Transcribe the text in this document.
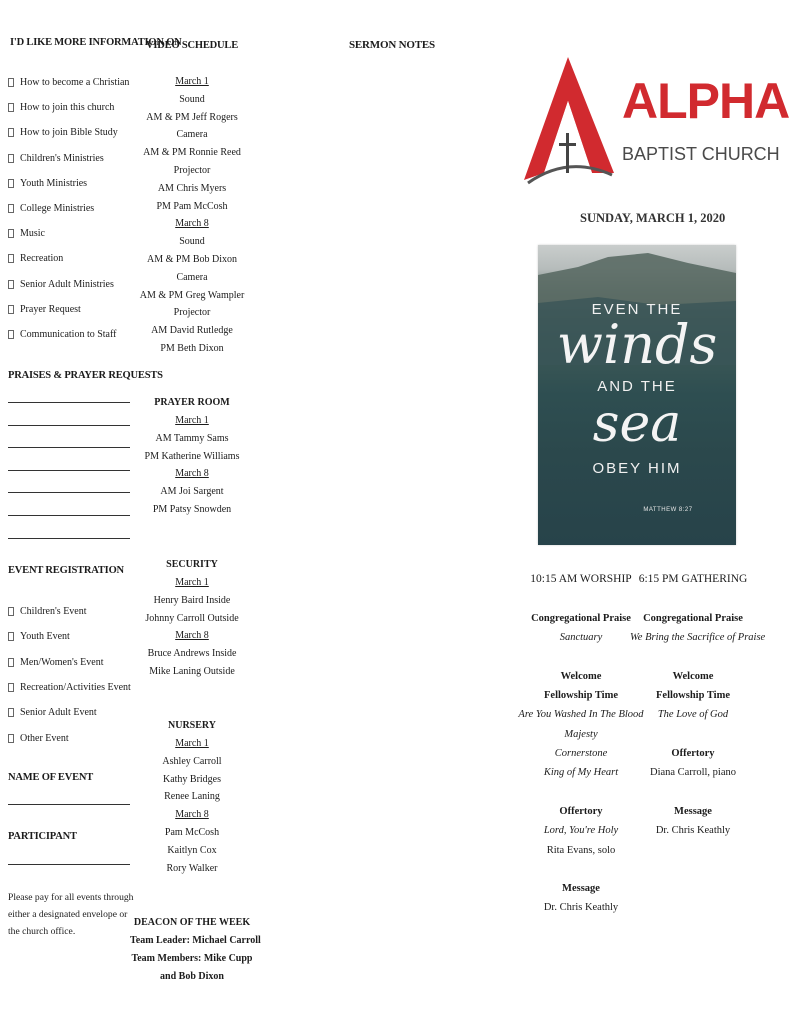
I'D LIKE MORE INFORMATION ON
How to become a Christian
How to join this church
How to join Bible Study
Children's Ministries
Youth Ministries
College Ministries
Music
Recreation
Senior Adult Ministries
Prayer Request
Communication to Staff
PRAISES & PRAYER REQUESTS
EVENT REGISTRATION
Children's Event
Youth Event
Men/Women's Event
Recreation/Activities Event
Senior Adult Event
Other Event
NAME OF EVENT
PARTICIPANT
Please pay for all events through either a designated envelope or the church office.
VIDEO SCHEDULE
March 1
Sound
AM & PM Jeff Rogers
Camera
AM & PM Ronnie Reed
Projector
AM Chris Myers
PM Pam McCosh
March 8
Sound
AM & PM Bob Dixon
Camera
AM & PM Greg Wampler
Projector
AM David Rutledge
PM Beth Dixon
PRAYER ROOM
March 1
AM Tammy Sams
PM Katherine Williams
March 8
AM Joi Sargent
PM Patsy Snowden
SECURITY
March 1
Henry Baird Inside
Johnny Carroll Outside
March 8
Bruce Andrews Inside
Mike Laning Outside
NURSERY
March 1
Ashley Carroll
Kathy Bridges
Renee Laning
March 8
Pam McCosh
Kaitlyn Cox
Rory Walker
DEACON OF THE WEEK
Team Leader: Michael Carroll
Team Members: Mike Cupp
and Bob Dixon
SERMON NOTES
ALPHA
BAPTIST CHURCH
SUNDAY, MARCH 1, 2020
EVEN THE
winds
AND THE
sea
OBEY HIM
MATTHEW 8:27
10:15 AM WORSHIP
Congregational Praise
Sanctuary
Welcome
Fellowship Time
Are You Washed In The Blood
Majesty
Cornerstone
King of My Heart
Offertory
Lord, You're Holy
Rita Evans, solo
Message
Dr. Chris Keathly
6:15 PM GATHERING
Congregational Praise
We Bring the Sacrifice of Praise
Welcome
Fellowship Time
The Love of God
Offertory
Diana Carroll, piano
Message
Dr. Chris Keathly
